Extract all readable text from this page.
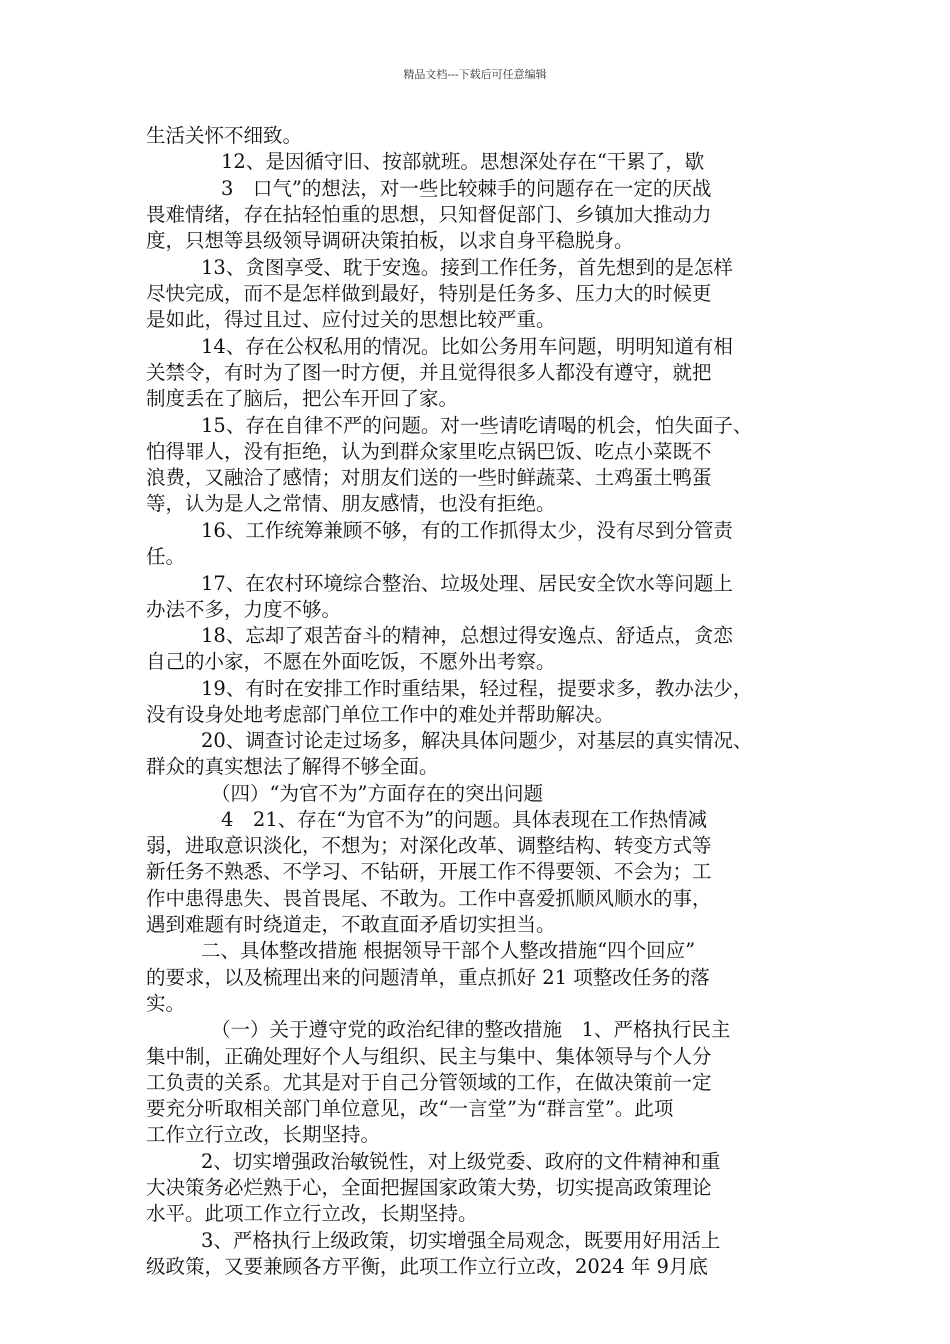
精品文档---下载后可任意编辑

生活关怀不细致。

12、是因循守旧、按部就班。思想深处存在“干累了，歇

3　口气”的想法，对一些比较棘手的问题存在一定的厌战

畏难情绪，存在拈轻怕重的思想，只知督促部门、乡镇加大推动力

度，只想等县级领导调研决策拍板，以求自身平稳脱身。

13、贪图享受、耽于安逸。接到工作任务，首先想到的是怎样

尽快完成，而不是怎样做到最好，特别是任务多、压力大的时候更

是如此，得过且过、应付过关的思想比较严重。

14、存在公权私用的情况。比如公务用车问题，明明知道有相

关禁令，有时为了图一时方便，并且觉得很多人都没有遵守，就把

制度丢在了脑后，把公车开回了家。

15、存在自律不严的问题。对一些请吃请喝的机会，怕失面子、

怕得罪人，没有拒绝，认为到群众家里吃点锅巴饭、吃点小菜既不

浪费，又融洽了感情；对朋友们送的一些时鲜蔬菜、土鸡蛋土鸭蛋

等，认为是人之常情、朋友感情，也没有拒绝。

16、工作统筹兼顾不够，有的工作抓得太少，没有尽到分管责

任。

17、在农村环境综合整治、垃圾处理、居民安全饮水等问题上

办法不多，力度不够。

18、忘却了艰苦奋斗的精神，总想过得安逸点、舒适点，贪恋

自己的小家，不愿在外面吃饭，不愿外出考察。

19、有时在安排工作时重结果，轻过程，提要求多，教办法少，

没有设身处地考虑部门单位工作中的难处并帮助解决。

20、调查讨论走过场多，解决具体问题少，对基层的真实情况、

群众的真实想法了解得不够全面。

（四）“为官不为”方面存在的突出问题

4　21、存在“为官不为”的问题。具体表现在工作热情减

弱，进取意识淡化，不想为；对深化改革、调整结构、转变方式等

新任务不熟悉、不学习、不钻研，开展工作不得要领、不会为；工

作中患得患失、畏首畏尾、不敢为。工作中喜爱抓顺风顺水的事，

遇到难题有时绕道走，不敢直面矛盾切实担当。

二、具体整改措施 根据领导干部个人整改措施“四个回应”

的要求，以及梳理出来的问题清单，重点抓好 21 项整改任务的落

实。

（一）关于遵守党的政治纪律的整改措施　1、严格执行民主

集中制，正确处理好个人与组织、民主与集中、集体领导与个人分

工负责的关系。尤其是对于自己分管领域的工作，在做决策前一定

要充分听取相关部门单位意见，改“一言堂”为“群言堂”。此项

工作立行立改，长期坚持。

2、切实增强政治敏锐性，对上级党委、政府的文件精神和重

大决策务必烂熟于心，全面把握国家政策大势，切实提高政策理论

水平。此项工作立行立改，长期坚持。

3、严格执行上级政策，切实增强全局观念，既要用好用活上

级政策，又要兼顾各方平衡，此项工作立行立改，2024 年 9月底
